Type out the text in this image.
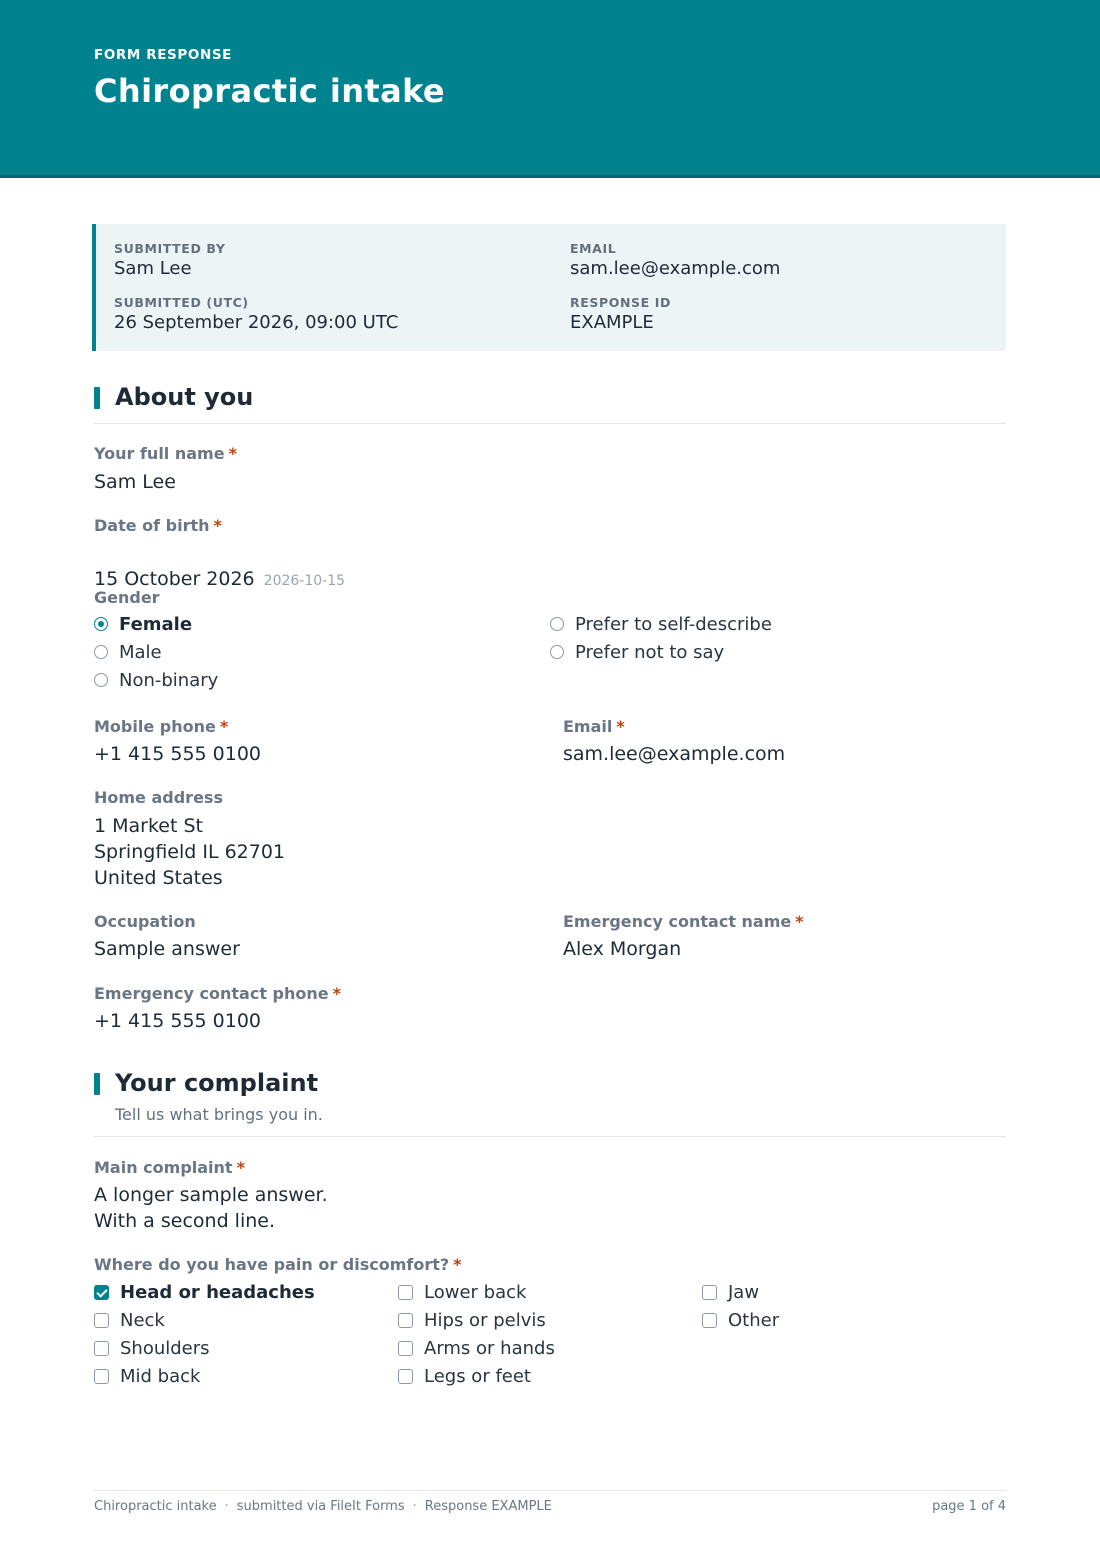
FORM RESPONSE
Chiropractic intake
SUBMITTED BY
Sam Lee
EMAIL
sam.lee@example.com
SUBMITTED (UTC)
26 September 2026, 09:00 UTC
RESPONSE ID
EXAMPLE
About you
Your full name *
Sam Lee
Date of birth *

15 October 2026 2026-10-15

Gender
Female
Male
Non-binary
Prefer to self-describe
Prefer not to say
Mobile phone *
+1 415 555 0100
Email *
sam.lee@example.com
Home address
1 Market St
Springfield IL 62701
United States
Occupation
Sample answer
Emergency contact name *
Alex Morgan
Emergency contact phone *
+1 415 555 0100
Your complaint
Tell us what brings you in.
Main complaint *
A longer sample answer.
With a second line.
Where do you have pain or discomfort? *
Head or headaches
Neck
Shoulders
Mid back
Lower back
Hips or pelvis
Arms or hands
Legs or feet
Jaw
Other
Chiropractic intake · submitted via FileIt Forms · Response EXAMPLE	page 1 of 4
